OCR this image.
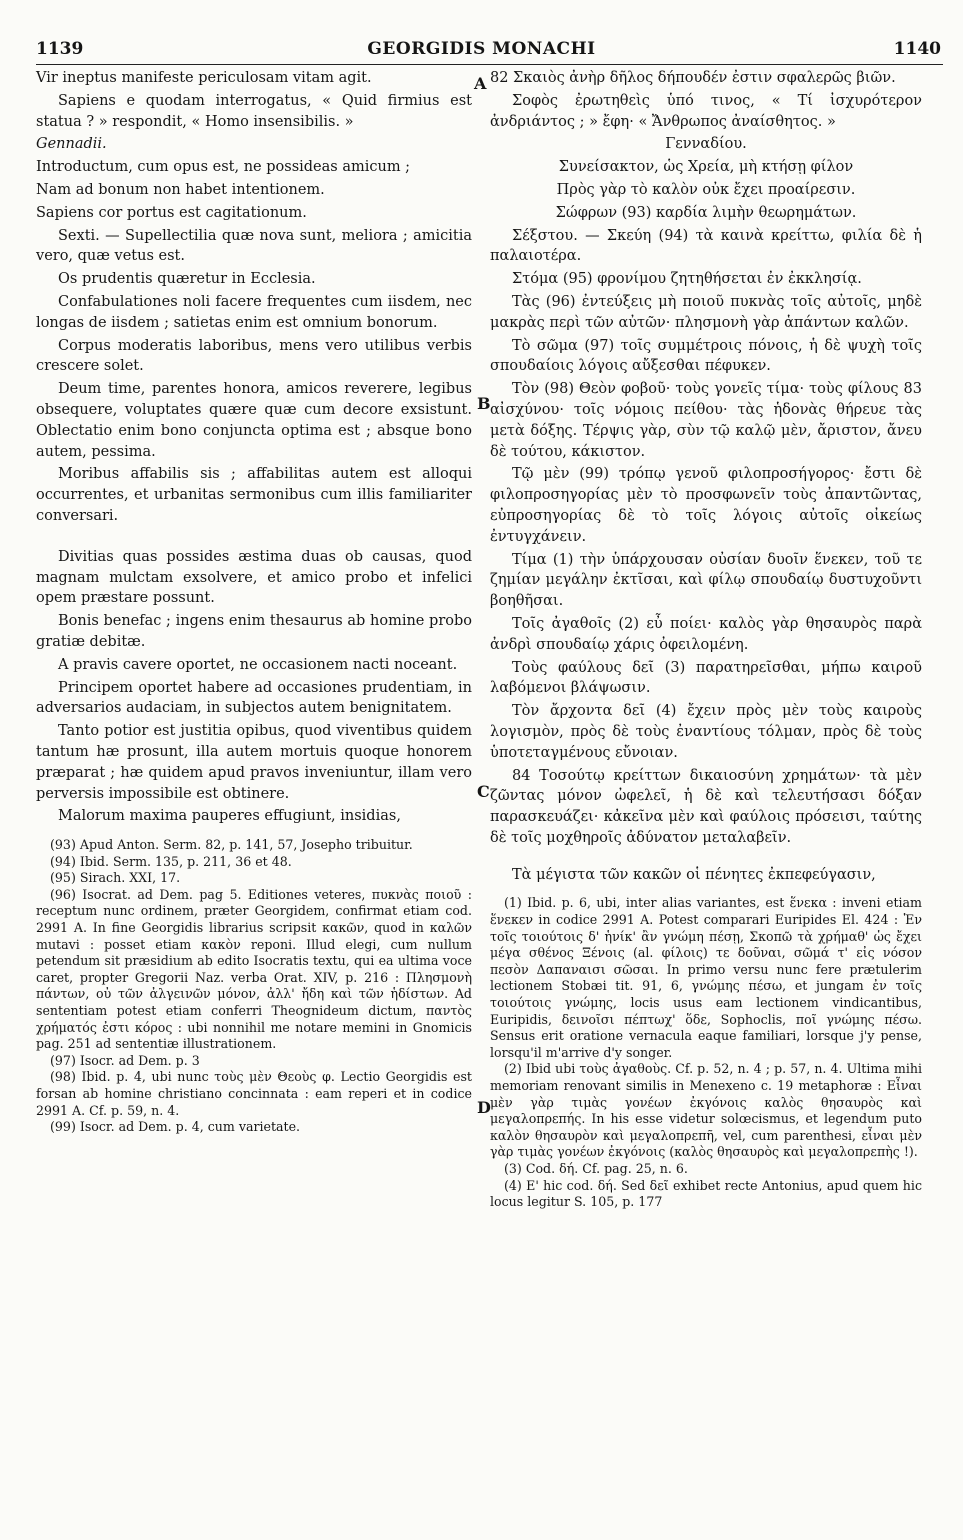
1139	GEORGIDIS MONACHI	1140
A
B
C
D

Vir ineptus manifeste periculosam vitam agit.

Sapiens e quodam interrogatus, « Quid firmius est statua ? » respondit, « Homo insensibilis. »

Gennadii.

Introductum, cum opus est, ne possideas amicum ;

Nam ad bonum non habet intentionem.

Sapiens cor portus est cagitationum.

Sexti. — Supellectilia quæ nova sunt, meliora ; amicitia vero, quæ vetus est.

Os prudentis quæretur in Ecclesia.

Confabulationes noli facere frequentes cum iisdem, nec longas de iisdem ; satietas enim est omnium bonorum.

Corpus moderatis laboribus, mens vero utilibus verbis crescere solet.

Deum time, parentes honora, amicos reverere, legibus obsequere, voluptates quære quæ cum decore exsistunt. Oblectatio enim bono conjuncta optima est ; absque bono autem, pessima.

Moribus affabilis sis ; affabilitas autem est alloqui occurrentes, et urbanitas sermonibus cum illis familiariter conversari.

Divitias quas possides æstima duas ob causas, quod magnam mulctam exsolvere, et amico probo et infelici opem præstare possunt.

Bonis benefac ; ingens enim thesaurus ab homine probo gratiæ debitæ.

A pravis cavere oportet, ne occasionem nacti noceant.

Principem oportet habere ad occasiones prudentiam, in adversarios audaciam, in subjectos autem benignitatem.

Tanto potior est justitia opibus, quod viventibus quidem tantum hæ prosunt, illa autem mortuis quoque honorem præparat ; hæ quidem apud pravos inveniuntur, illam vero perversis impossibile est obtinere.

Malorum maxima pauperes effugiunt, insidias,

(93) Apud Anton. Serm. 82, p. 141, 57, Josepho tribuitur.

(94) Ibid. Serm. 135, p. 211, 36 et 48.

(95) Sirach. XXI, 17.

(96) Isocrat. ad Dem. pag 5. Editiones veteres, πυκνὰς ποιοῦ : receptum nunc ordinem, præter Georgidem, confirmat etiam cod. 2991 A. In fine Georgidis librarius scripsit κακῶν, quod in καλῶν mutavi : posset etiam κακὸν reponi. Illud elegi, cum nullum petendum sit præsidium ab edito Isocratis textu, qui ea ultima voce caret, propter Gregorii Naz. verba Orat. XIV, p. 216 : Πλησμονὴ πάντων, οὐ τῶν ἀλγεινῶν μόνον, ἀλλ' ἤδη καὶ τῶν ἡδίστων. Ad sententiam potest etiam conferri Theognideum dictum, παντὸς χρήματός ἐστι κόρος : ubi nonnihil me notare memini in Gnomicis pag. 251 ad sententiæ illustrationem.

(97) Isocr. ad Dem. p. 3

(98) Ibid. p. 4, ubi nunc τοὺς μὲν Θεοὺς φ. Lectio Georgidis est forsan ab homine christiano concinnata : eam reperi et in codice 2991 A. Cf. p. 59, n. 4.

(99) Isocr. ad Dem. p. 4, cum varietate.

82 Σκαιὸς ἀνὴρ δῆλος δήπουδέν ἐστιν σφαλερῶς βιῶν.

Σοφὸς ἐρωτηθεὶς ὑπό τινος, « Τί ἰσχυρότερον ἀνδριάντος ; » ἔφη· « Ἄνθρωπος ἀναίσθητος. »

Γενναδίου.

Συνείσακτον, ὡς Χρεία, μὴ κτήσῃ φίλον

Πρὸς γὰρ τὸ καλὸν οὐκ ἔχει προαίρεσιν.

Σώφρων (93) καρδία λιμὴν θεωρημάτων.

Σέξστου. — Σκεύη (94) τὰ καινὰ κρείττω, φιλία δὲ ἡ παλαιοτέρα.

Στόμα (95) φρονίμου ζητηθήσεται ἐν ἐκκλησίᾳ.

Τὰς (96) ἐντεύξεις μὴ ποιοῦ πυκνὰς τοῖς αὐτοῖς, μηδὲ μακρὰς περὶ τῶν αὐτῶν· πλησμονὴ γὰρ ἁπάντων καλῶν.

Τὸ σῶμα (97) τοῖς συμμέτροις πόνοις, ἡ δὲ ψυχὴ τοῖς σπουδαίοις λόγοις αὔξεσθαι πέφυκεν.

Τὸν (98) Θεὸν φοβοῦ· τοὺς γονεῖς τίμα· τοὺς φίλους 83 αἰσχύνου· τοῖς νόμοις πείθου· τὰς ἡδονὰς θήρευε τὰς μετὰ δόξης. Τέρψις γὰρ, σὺν τῷ καλῷ μὲν, ἄριστον, ἄνευ δὲ τούτου, κάκιστον.

Τῷ μὲν (99) τρόπῳ γενοῦ φιλοπροσήγορος· ἔστι δὲ φιλοπροσηγορίας μὲν τὸ προσφωνεῖν τοὺς ἀπαντῶντας, εὐπροσηγορίας δὲ τὸ τοῖς λόγοις αὐτοῖς οἰκείως ἐντυγχάνειν.

Τίμα (1) τὴν ὑπάρχουσαν οὐσίαν δυοῖν ἕνεκεν, τοῦ τε ζημίαν μεγάλην ἐκτῖσαι, καὶ φίλῳ σπουδαίῳ δυστυχοῦντι βοηθῆσαι.

Τοῖς ἀγαθοῖς (2) εὖ ποίει· καλὸς γὰρ θησαυρὸς παρὰ ἀνδρὶ σπουδαίῳ χάρις ὀφειλομένη.

Τοὺς φαύλους δεῖ (3) παρατηρεῖσθαι, μήπω καιροῦ λαβόμενοι βλάψωσιν.

Τὸν ἄρχοντα δεῖ (4) ἔχειν πρὸς μὲν τοὺς καιροὺς λογισμὸν, πρὸς δὲ τοὺς ἐναντίους τόλμαν, πρὸς δὲ τοὺς ὑποτεταγμένους εὔνοιαν.

84 Τοσούτῳ κρείττων δικαιοσύνη χρημάτων· τὰ μὲν ζῶντας μόνον ὠφελεῖ, ἡ δὲ καὶ τελευτήσασι δόξαν παρασκευάζει· κἀκεῖνα μὲν καὶ φαύλοις πρόσεισι, ταύτης δὲ τοῖς μοχθηροῖς ἀδύνατον μεταλαβεῖν.

Τὰ μέγιστα τῶν κακῶν οἱ πένητες ἐκπεφεύγασιν,

(1) Ibid. p. 6, ubi, inter alias variantes, est ἕνεκα : inveni etiam ἕνεκεν in codice 2991 A. Potest comparari Euripides El. 424 : Ἐν τοῖς τοιούτοις δ' ἡνίκ' ἂν γνώμη πέσῃ, Σκοπῶ τὰ χρήμαθ' ὡς ἔχει μέγα σθένος Ξένοις (al. φίλοις) τε δοῦναι, σῶμά τ' εἰς νόσον πεσὸν Δαπαναισι σῶσαι. In primo versu nunc fere prætulerim lectionem Stobæi tit. 91, 6, γνώμης πέσω, et jungam ἐν τοῖς τοιούτοις γνώμης, locis usus eam lectionem vindicantibus, Euripidis, δεινοῖσι πέπτωχ' ὅδε, Sophoclis, ποῖ γνώμης πέσω. Sensus erit oratione vernacula eaque familiari, lorsque j'y pense, lorsqu'il m'arrive d'y songer.

(2) Ibid ubi τοὺς ἀγαθοὺς. Cf. p. 52, n. 4 ; p. 57, n. 4. Ultima mihi memoriam renovant similis in Menexeno c. 19 metaphoræ : Εἶναι μὲν γὰρ τιμὰς γονέων ἐκγόνοις καλὸς θησαυρὸς καὶ μεγαλοπρεπής. In his esse videtur solœcismus, et legendum puto καλὸν θησαυρὸν καὶ μεγαλοπρεπῆ, vel, cum parenthesi, εἶναι μὲν γὰρ τιμὰς γονέων ἐκγόνοις (καλὸς θησαυρὸς καὶ μεγαλοπρεπὴς !).

(3) Cod. δή. Cf. pag. 25, n. 6.

(4) E' hic cod. δή. Sed δεῖ exhibet recte Antonius, apud quem hic locus legitur S. 105, p. 177
